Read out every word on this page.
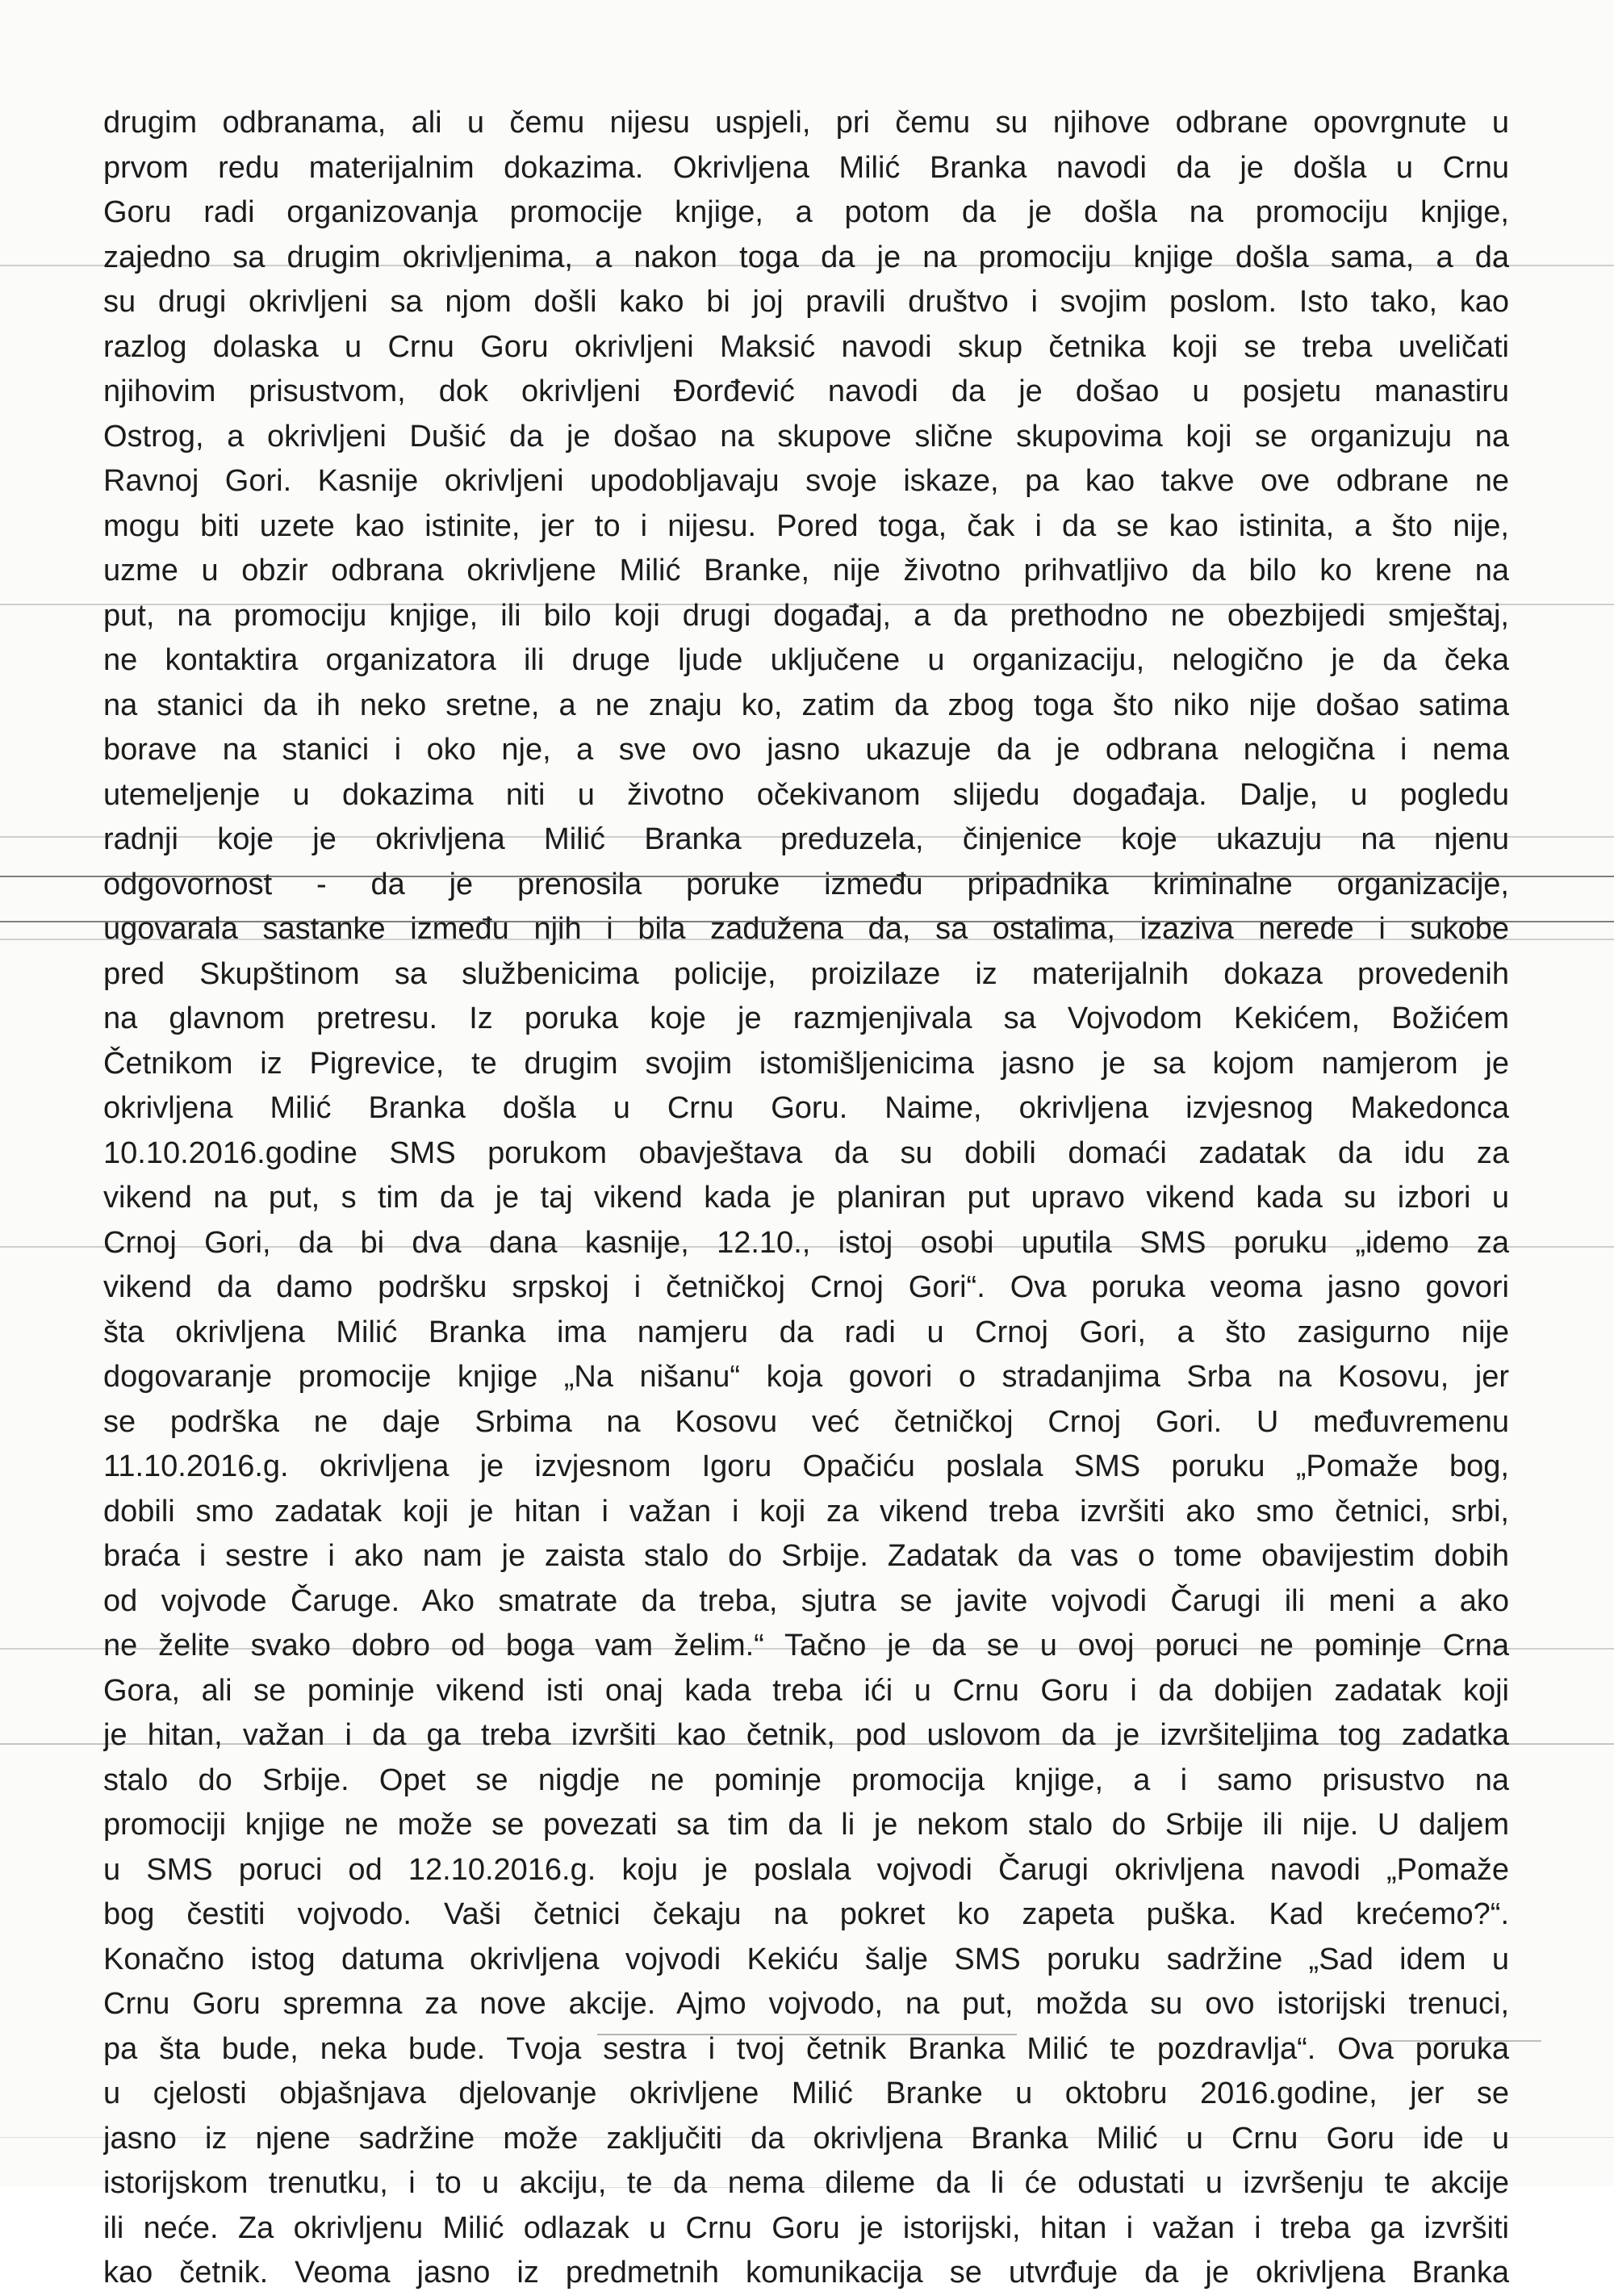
drugim odbranama, ali u čemu nijesu uspjeli, pri čemu su njihove odbrane opovrgnute u
prvom redu materijalnim dokazima. Okrivljena Milić Branka navodi da je došla u Crnu
Goru radi organizovanja promocije knjige, a potom da je došla na promociju knjige,
zajedno sa drugim okrivljenima, a nakon toga da je na promociju knjige došla sama, a da
su drugi okrivljeni sa njom došli kako bi joj pravili društvo i svojim poslom. Isto tako, kao
razlog dolaska u Crnu Goru okrivljeni Maksić navodi skup četnika koji se treba uveličati
njihovim prisustvom, dok okrivljeni Đorđević navodi da je došao u posjetu manastiru
Ostrog, a okrivljeni Dušić da je došao na skupove slične skupovima koji se organizuju na
Ravnoj Gori. Kasnije okrivljeni upodobljavaju svoje iskaze, pa kao takve ove odbrane ne
mogu biti uzete kao istinite, jer to i nijesu. Pored toga, čak i da se kao istinita, a što nije,
uzme u obzir odbrana okrivljene Milić Branke, nije životno prihvatljivo da bilo ko krene na
put, na promociju knjige, ili bilo koji drugi događaj, a da prethodno ne obezbijedi smještaj,
ne kontaktira organizatora ili druge ljude uključene u organizaciju, nelogično je da čeka
na stanici da ih neko sretne, a ne znaju ko, zatim da zbog toga što niko nije došao satima
borave na stanici i oko nje, a sve ovo jasno ukazuje da je odbrana nelogična i nema
utemeljenje u dokazima niti u životno očekivanom slijedu događaja. Dalje, u pogledu
radnji koje je okrivljena Milić Branka preduzela, činjenice koje ukazuju na njenu
odgovornost - da je prenosila poruke između pripadnika kriminalne organizacije,
ugovarala sastanke između njih i bila zadužena da, sa ostalima, izaziva nerede i sukobe
pred Skupštinom sa službenicima policije, proizilaze iz materijalnih dokaza provedenih
na glavnom pretresu. Iz poruka koje je razmjenjivala sa Vojvodom Kekićem, Božićem
Četnikom iz Pigrevice, te drugim svojim istomišljenicima jasno je sa kojom namjerom je
okrivljena Milić Branka došla u Crnu Goru. Naime, okrivljena izvjesnog Makedonca
10.10.2016.godine SMS porukom obavještava da su dobili domaći zadatak da idu za
vikend na put, s tim da je taj vikend kada je planiran put upravo vikend kada su izbori u
Crnoj Gori, da bi dva dana kasnije, 12.10., istoj osobi uputila SMS poruku „idemo za
vikend da damo podršku srpskoj i četničkoj Crnoj Gori“. Ova poruka veoma jasno govori
šta okrivljena Milić Branka ima namjeru da radi u Crnoj Gori, a što zasigurno nije
dogovaranje promocije knjige „Na nišanu“ koja govori o stradanjima Srba na Kosovu, jer
se podrška ne daje Srbima na Kosovu već četničkoj Crnoj Gori. U međuvremenu
11.10.2016.g. okrivljena je izvjesnom Igoru Opačiću poslala SMS poruku „Pomaže bog,
dobili smo zadatak koji je hitan i važan i koji za vikend treba izvršiti ako smo četnici, srbi,
braća i sestre i ako nam je zaista stalo do Srbije. Zadatak da vas o tome obavijestim dobih
od vojvode Čaruge. Ako smatrate da treba, sjutra se javite vojvodi Čarugi ili meni a ako
ne želite svako dobro od boga vam želim.“ Tačno je da se u ovoj poruci ne pominje Crna
Gora, ali se pominje vikend isti onaj kada treba ići u Crnu Goru i da dobijen zadatak koji
je hitan, važan i da ga treba izvršiti kao četnik, pod uslovom da je izvršiteljima tog zadatka
stalo do Srbije. Opet se nigdje ne pominje promocija knjige, a i samo prisustvo na
promociji knjige ne može se povezati sa tim da li je nekom stalo do Srbije ili nije. U daljem
u SMS poruci od 12.10.2016.g. koju je poslala vojvodi Čarugi okrivljena navodi „Pomaže
bog čestiti vojvodo. Vaši četnici čekaju na pokret ko zapeta puška. Kad krećemo?“.
Konačno istog datuma okrivljena vojvodi Kekiću šalje SMS poruku sadržine „Sad idem u
Crnu Goru spremna za nove akcije. Ajmo vojvodo, na put, možda su ovo istorijski trenuci,
pa šta bude, neka bude. Tvoja sestra i tvoj četnik Branka Milić te pozdravlja“. Ova poruka
u cjelosti objašnjava djelovanje okrivljene Milić Branke u oktobru 2016.godine, jer se
jasno iz njene sadržine može zaključiti da okrivljena Branka Milić u Crnu Goru ide u
istorijskom trenutku, i to u akciju, te da nema dileme da li će odustati u izvršenju te akcije
ili neće. Za okrivljenu Milić odlazak u Crnu Goru je istorijski, hitan i važan i treba ga izvršiti
kao četnik. Veoma jasno iz predmetnih komunikacija se utvrđuje da je okrivljena Branka
